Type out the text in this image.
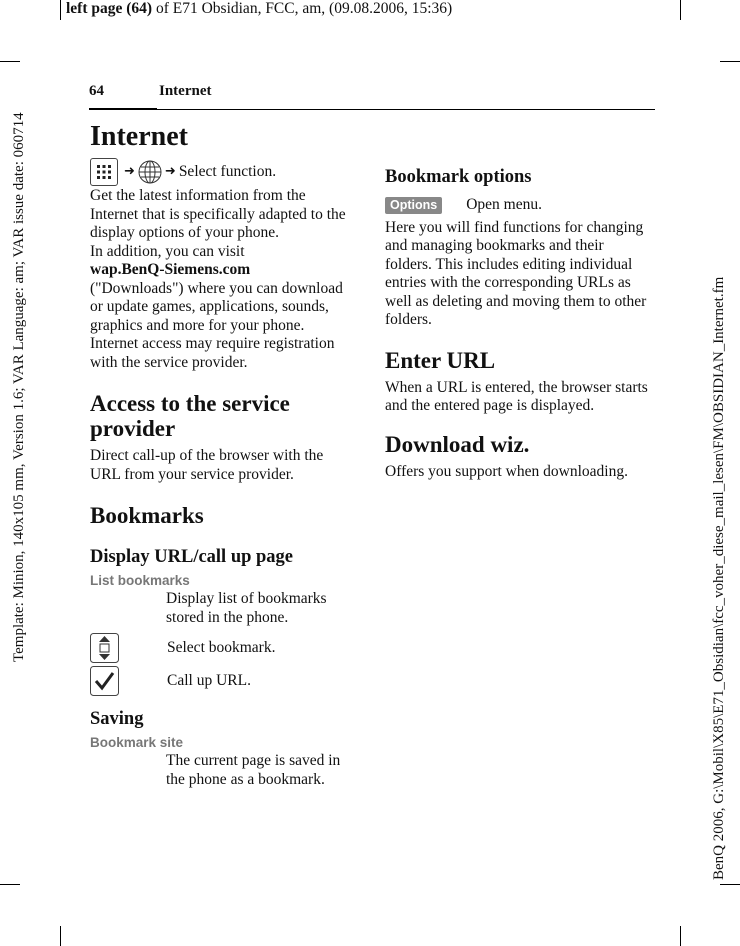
left page (64) of E71 Obsidian, FCC, am, (09.08.2006, 15:36)
Template: Minion, 140x105 mm, Version 1.6; VAR Language: am; VAR issue date: 060714	BenQ 2006, G:\Mobil\X85\E71_Obsidian\fcc_voher_diese_mail_lesen\FM\OBSIDIAN_Internet.fm
64	Internet
Internet
➜ ➜ Select function.

Get the latest information from the Internet that is specifically adapted to the display options of your phone.

In addition, you can visit

wap.BenQ-Siemens.com

("Downloads") where you can download or update games, applications, sounds, graphics and more for your phone.

Internet access may require registration with the service provider.

Access to the service provider

Direct call-up of the browser with the URL from your service provider.

Bookmarks
Display URL/call up page
List bookmarks

Display list of bookmarks stored in the phone.

Select bookmark.
Call up URL.
Saving
Bookmark site

The current page is saved in the phone as a bookmark.

Bookmark options
Options	Open menu.

Here you will find functions for changing and managing bookmarks and their folders. This includes editing individual entries with the corresponding URLs as well as deleting and moving them to other folders.

Enter URL

When a URL is entered, the browser starts and the entered page is displayed.

Download wiz.

Offers you support when downloading.
